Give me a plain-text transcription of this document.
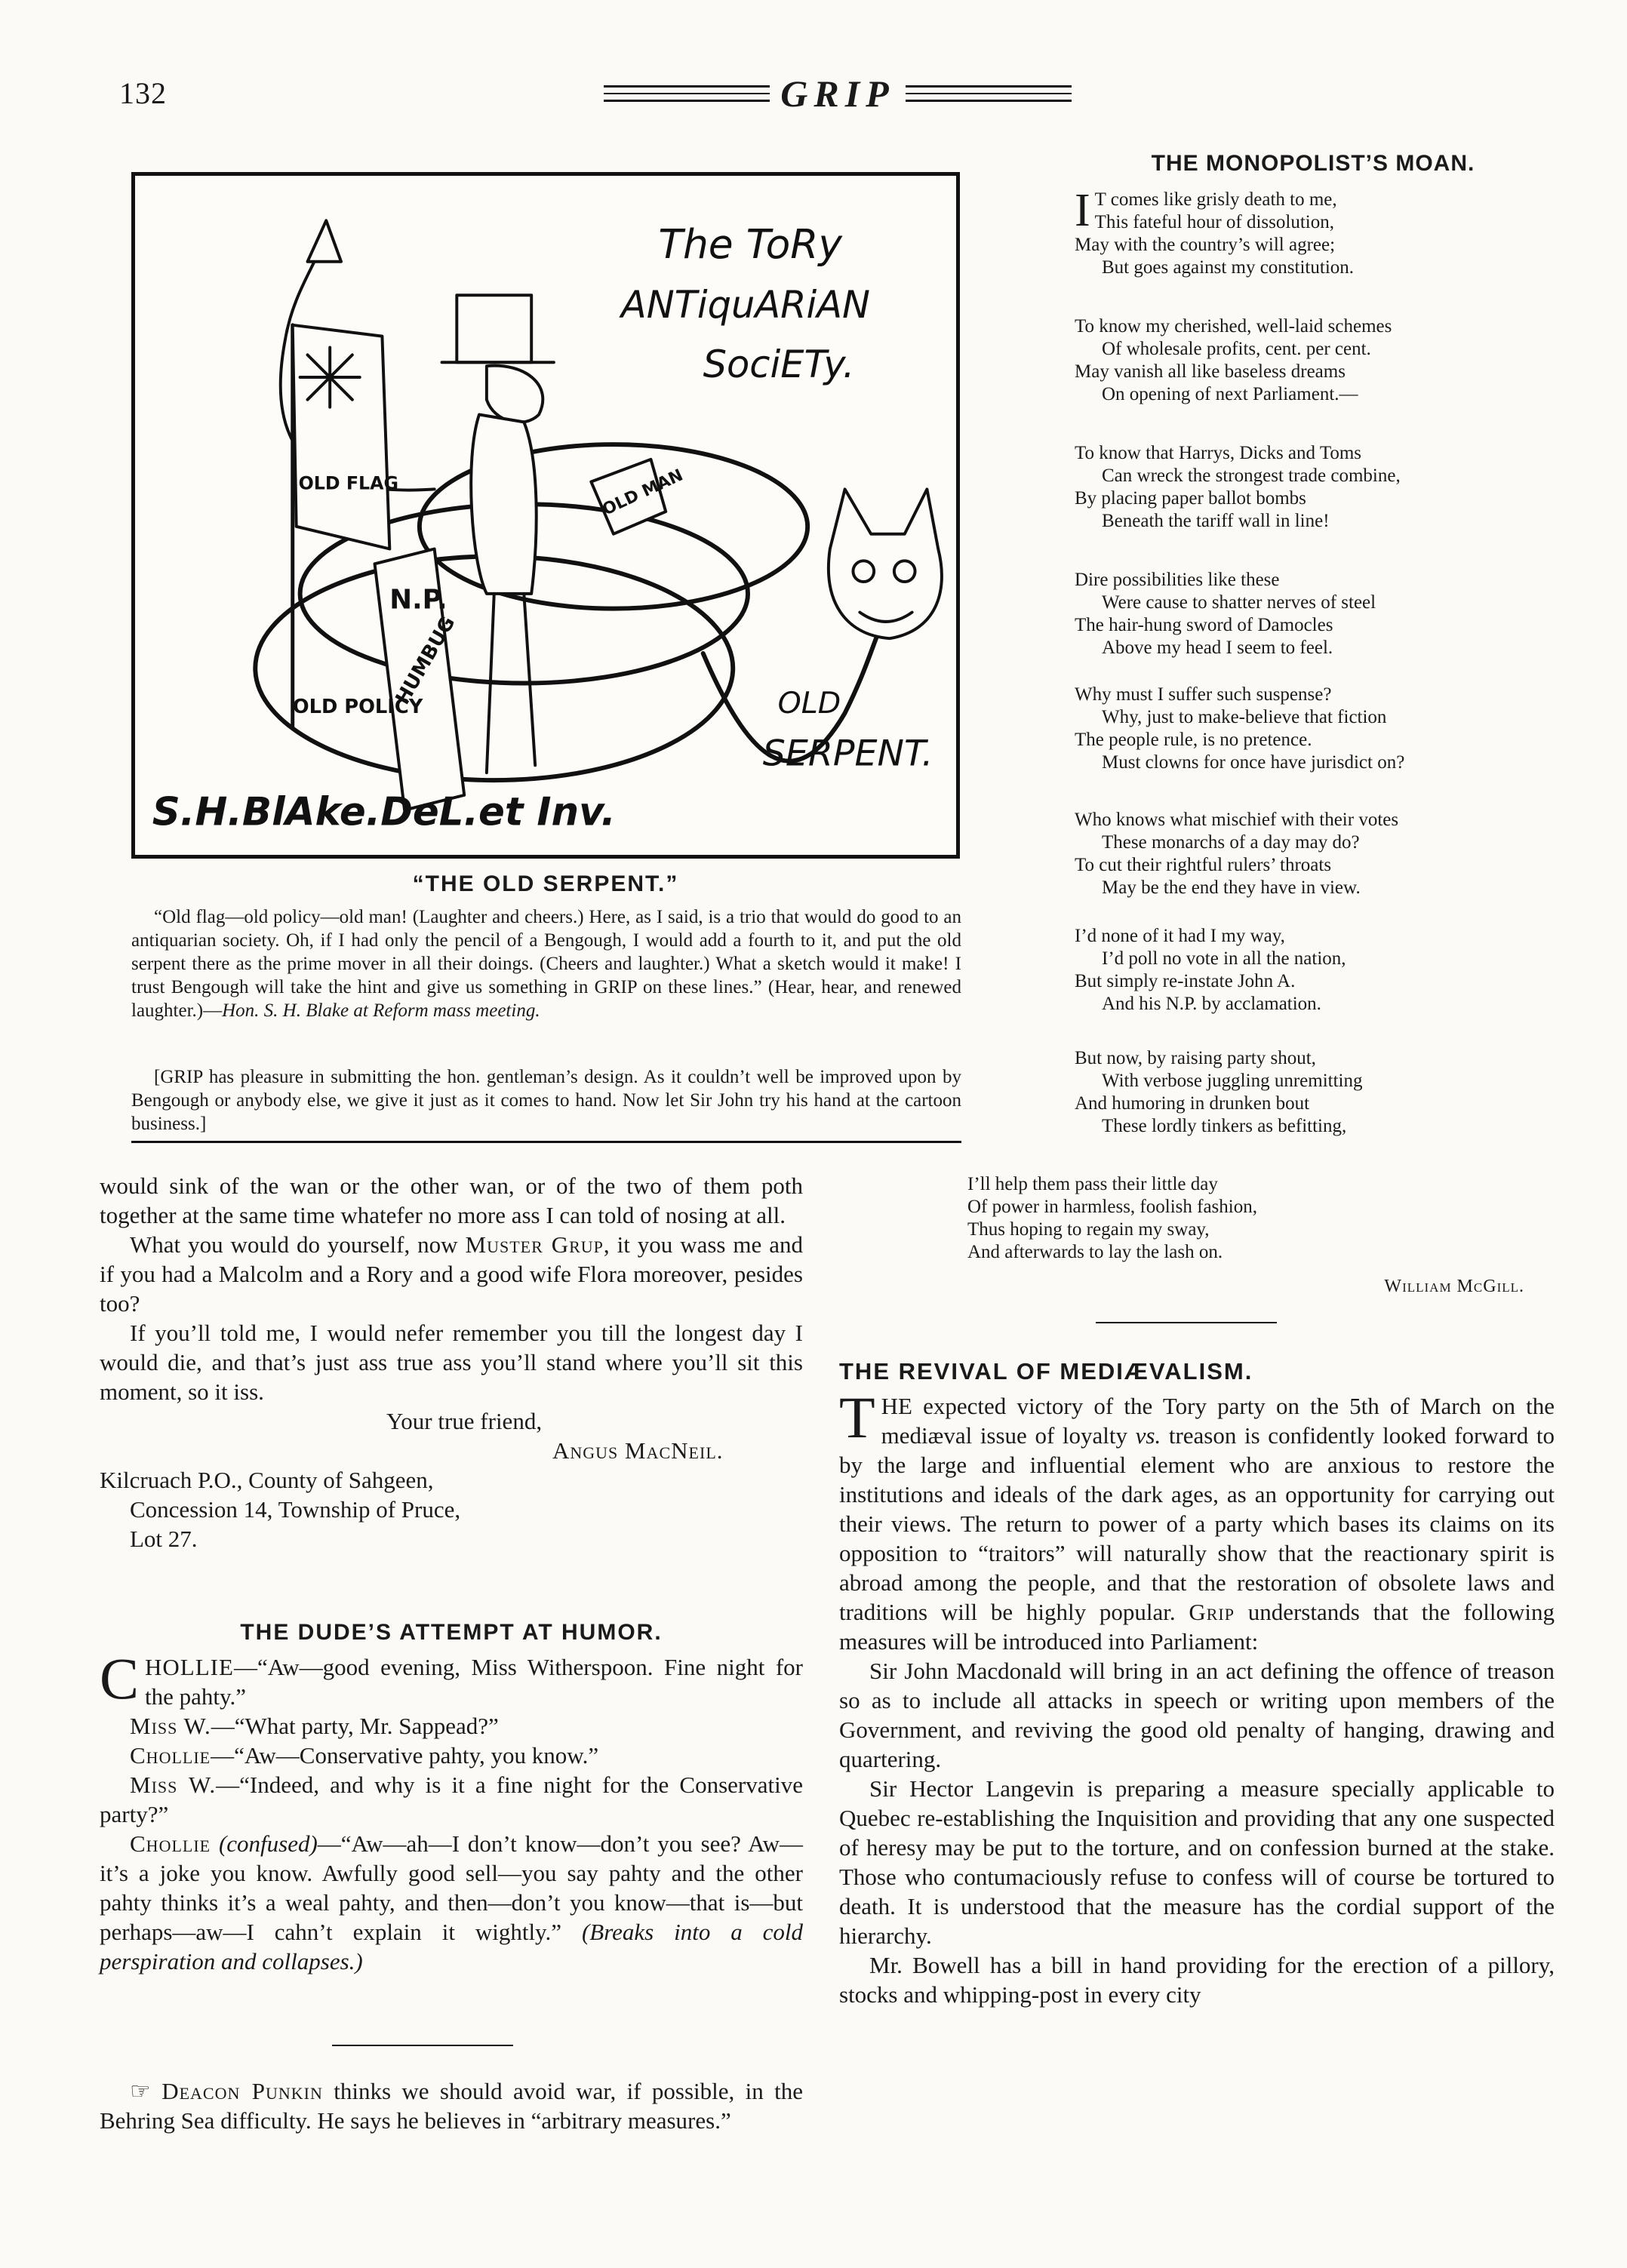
132	GRIP
The ToRy
ANTiquARiAN
SociETy.
OLD FLAG
N.P.
HUMBUG
OLD POLICY
OLD MAN
OLD
SERPENT.
S.H.BlAke.DeL.et Inv.
“THE OLD SERPENT.”
“Old flag—old policy—old man! (Laughter and cheers.) Here, as I said, is a trio that would do good to an antiquarian society. Oh, if I had only the pencil of a Bengough, I would add a fourth to it, and put the old serpent there as the prime mover in all their doings. (Cheers and laughter.) What a sketch would it make! I trust Bengough will take the hint and give us something in GRIP on these lines.” (Hear, hear, and renewed laughter.)—Hon. S. H. Blake at Reform mass meeting.
[GRIP has pleasure in submitting the hon. gentleman’s design. As it couldn’t well be improved upon by Bengough or anybody else, we give it just as it comes to hand. Now let Sir John try his hand at the cartoon business.]
THE MONOPOLIST’S MOAN.
I T comes like grisly death to me,
This fateful hour of dissolution,
May with the country’s will agree;
But goes against my constitution.
To know my cherished, well-laid schemes
Of wholesale profits, cent. per cent.
May vanish all like baseless dreams
On opening of next Parliament.—
To know that Harrys, Dicks and Toms
Can wreck the strongest trade combine,
By placing paper ballot bombs
Beneath the tariff wall in line!
Dire possibilities like these
Were cause to shatter nerves of steel
The hair-hung sword of Damocles
Above my head I seem to feel.
Why must I suffer such suspense?
Why, just to make-believe that fiction
The people rule, is no pretence.
Must clowns for once have jurisdict on?
Who knows what mischief with their votes
These monarchs of a day may do?
To cut their rightful rulers’ throats
May be the end they have in view.
I’d none of it had I my way,
I’d poll no vote in all the nation,
But simply re-instate John A.
And his N.P. by acclamation.
But now, by raising party shout,
With verbose juggling unremitting
And humoring in drunken bout
These lordly tinkers as befitting,
I’ll help them pass their little day
Of power in harmless, foolish fashion,
Thus hoping to regain my sway,
And afterwards to lay the lash on.
William McGill.
would sink of the wan or the other wan, or of the two of them poth together at the same time whatefer no more ass I can told of nosing at all.
What you would do yourself, now Muster Grup, it you wass me and if you had a Malcolm and a Rory and a good wife Flora moreover, pesides too?
If you’ll told me, I would nefer remember you till the longest day I would die, and that’s just ass true ass you’ll stand where you’ll sit this moment, so it iss.
Your true friend,
Angus MacNeil.
Kilcruach P.O., County of Sahgeen,
Concession 14, Township of Pruce,
Lot 27.
THE DUDE’S ATTEMPT AT HUMOR.
CHOLLIE—“Aw—good evening, Miss Witherspoon. Fine night for the pahty.”
Miss W.—“What party, Mr. Sappead?”
Chollie—“Aw—Conservative pahty, you know.”
Miss W.—“Indeed, and why is it a fine night for the Conservative party?”
Chollie (confused)—“Aw—ah—I don’t know—don’t you see? Aw—it’s a joke you know. Awfully good sell—you say pahty and the other pahty thinks it’s a weal pahty, and then—don’t you know—that is—but perhaps—aw—I cahn’t explain it wightly.” (Breaks into a cold perspiration and collapses.)
☞ Deacon Punkin thinks we should avoid war, if possible, in the Behring Sea difficulty. He says he believes in “arbitrary measures.”
THE REVIVAL OF MEDIÆVALISM.
THE expected victory of the Tory party on the 5th of March on the mediæval issue of loyalty vs. treason is confidently looked forward to by the large and influential element who are anxious to restore the institutions and ideals of the dark ages, as an opportunity for carrying out their views. The return to power of a party which bases its claims on its opposition to “traitors” will naturally show that the reactionary spirit is abroad among the people, and that the restoration of obsolete laws and traditions will be highly popular. Grip understands that the following measures will be introduced into Parliament:
Sir John Macdonald will bring in an act defining the offence of treason so as to include all attacks in speech or writing upon members of the Government, and reviving the good old penalty of hanging, drawing and quartering.
Sir Hector Langevin is preparing a measure specially applicable to Quebec re-establishing the Inquisition and providing that any one suspected of heresy may be put to the torture, and on confession burned at the stake. Those who contumaciously refuse to confess will of course be tortured to death. It is understood that the measure has the cordial support of the hierarchy.
Mr. Bowell has a bill in hand providing for the erection of a pillory, stocks and whipping-post in every city
